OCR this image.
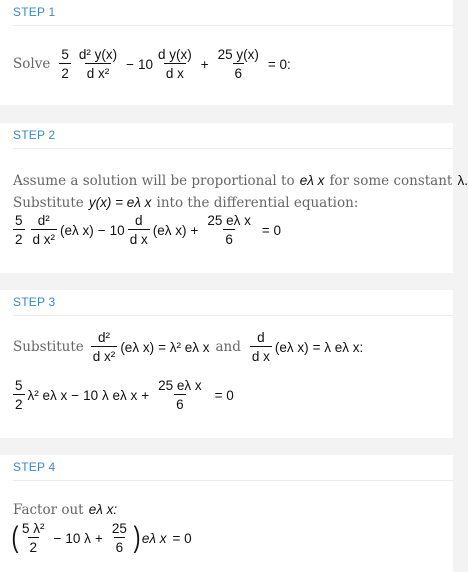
STEP 1
Solve $\frac{5}{2} \frac{\text{d² y(x)}}{\text{d x²}} - 10 \frac{\text{d y(x)}}{\text{d x}} + \frac{25 y(x)}{6} = 0$:
STEP 2
Assume a solution will be proportional to eλ x for some constant λ.
Substitute y(x) = eλ x into the differential equation:
$\frac{5}{2} \frac{\text{d²}}{\text{d x²}} (e\lambda$ $x) - 10 \frac{d}{\text{d x}} (e\lambda$ $x) + \frac{\text{25 eλ x}}{6} = 0$
STEP 3
Substitute $\frac{\text{d²}}{\text{d x²}} (e\lambda$ x) = λ² eλ x and $\frac{d}{\text{d x}} (e\lambda$ x) = λ eλ x:
$\frac{5}{2} \lambda^2$ eλ x − 10 λ eλ $x + \frac{\text{25 eλ x}}{6} = 0$
STEP 4
Factor out eλ x:
( $\frac{\text{5 λ²}}{2} - 10$ $\lambda + \frac{25}{6}$ ) eλ x = 0
